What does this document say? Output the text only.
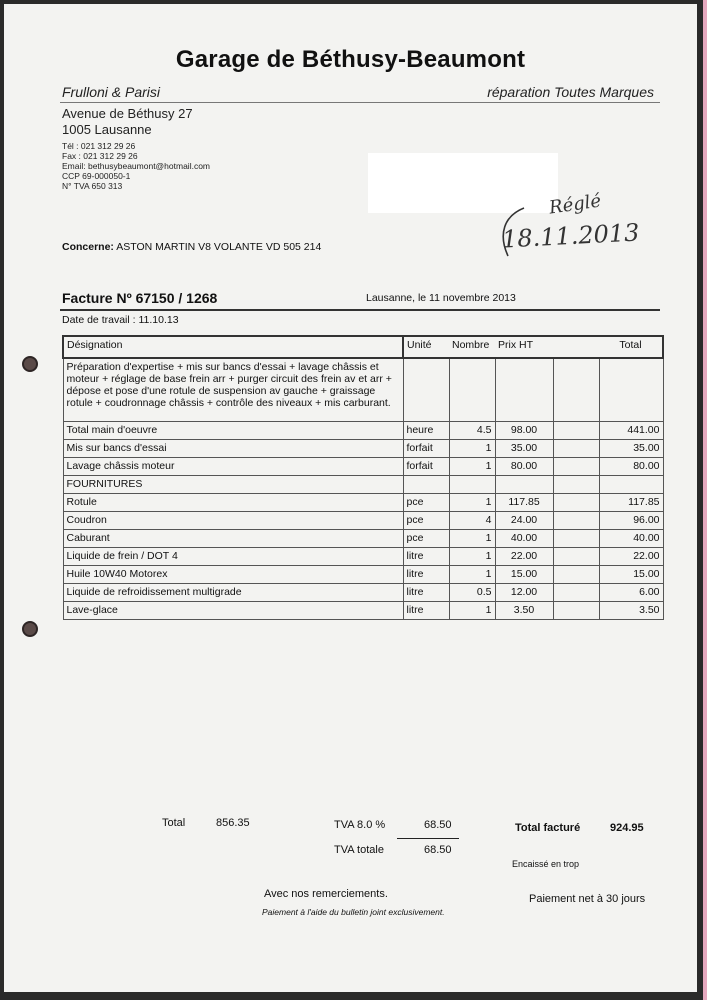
Garage de Béthusy-Beaumont
Frulloni & Parisi	réparation Toutes Marques
Avenue de Béthusy 27
1005 Lausanne
Tél : 021 312 29 26
Fax : 021 312 29 26
Email: bethusybeaumont@hotmail.com
CCP 69-000050-1
N° TVA 650 313
Réglé
18.11.2013
Concerne: ASTON MARTIN V8 VOLANTE VD 505 214
Facture Nº 67150 / 1268	Lausanne, le 11 novembre 2013
Date de travail : 11.10.13
Désignation	Unité	Nombre	Prix HT		Total
Préparation d'expertise + mis sur bancs d'essai + lavage châssis et moteur + réglage de base frein arr + purger circuit des frein av et arr + dépose et pose d'une rotule de suspension av gauche + graissage rotule + coudronnage châssis + contrôle des niveaux + mis carburant.					
Total main d'oeuvre	heure	4.5	98.00		441.00
Mis sur bancs d'essai	forfait	1	35.00		35.00
Lavage châssis moteur	forfait	1	80.00		80.00
FOURNITURES					
Rotule	pce	1	117.85		117.85
Coudron	pce	4	24.00		96.00
Caburant	pce	1	40.00		40.00
Liquide de frein / DOT 4	litre	1	22.00		22.00
Huile 10W40 Motorex	litre	1	15.00		15.00
Liquide de refroidissement multigrade	litre	0.5	12.00		6.00
Lave-glace	litre	1	3.50		3.50
Total	856.35	TVA 8.0 %	68.50
TVA totale	68.50
Total facturé	924.95
Encaissé en trop
Avec nos remerciements.
Paiement à l'aide du bulletin joint exclusivement.
Paiement net à 30 jours
